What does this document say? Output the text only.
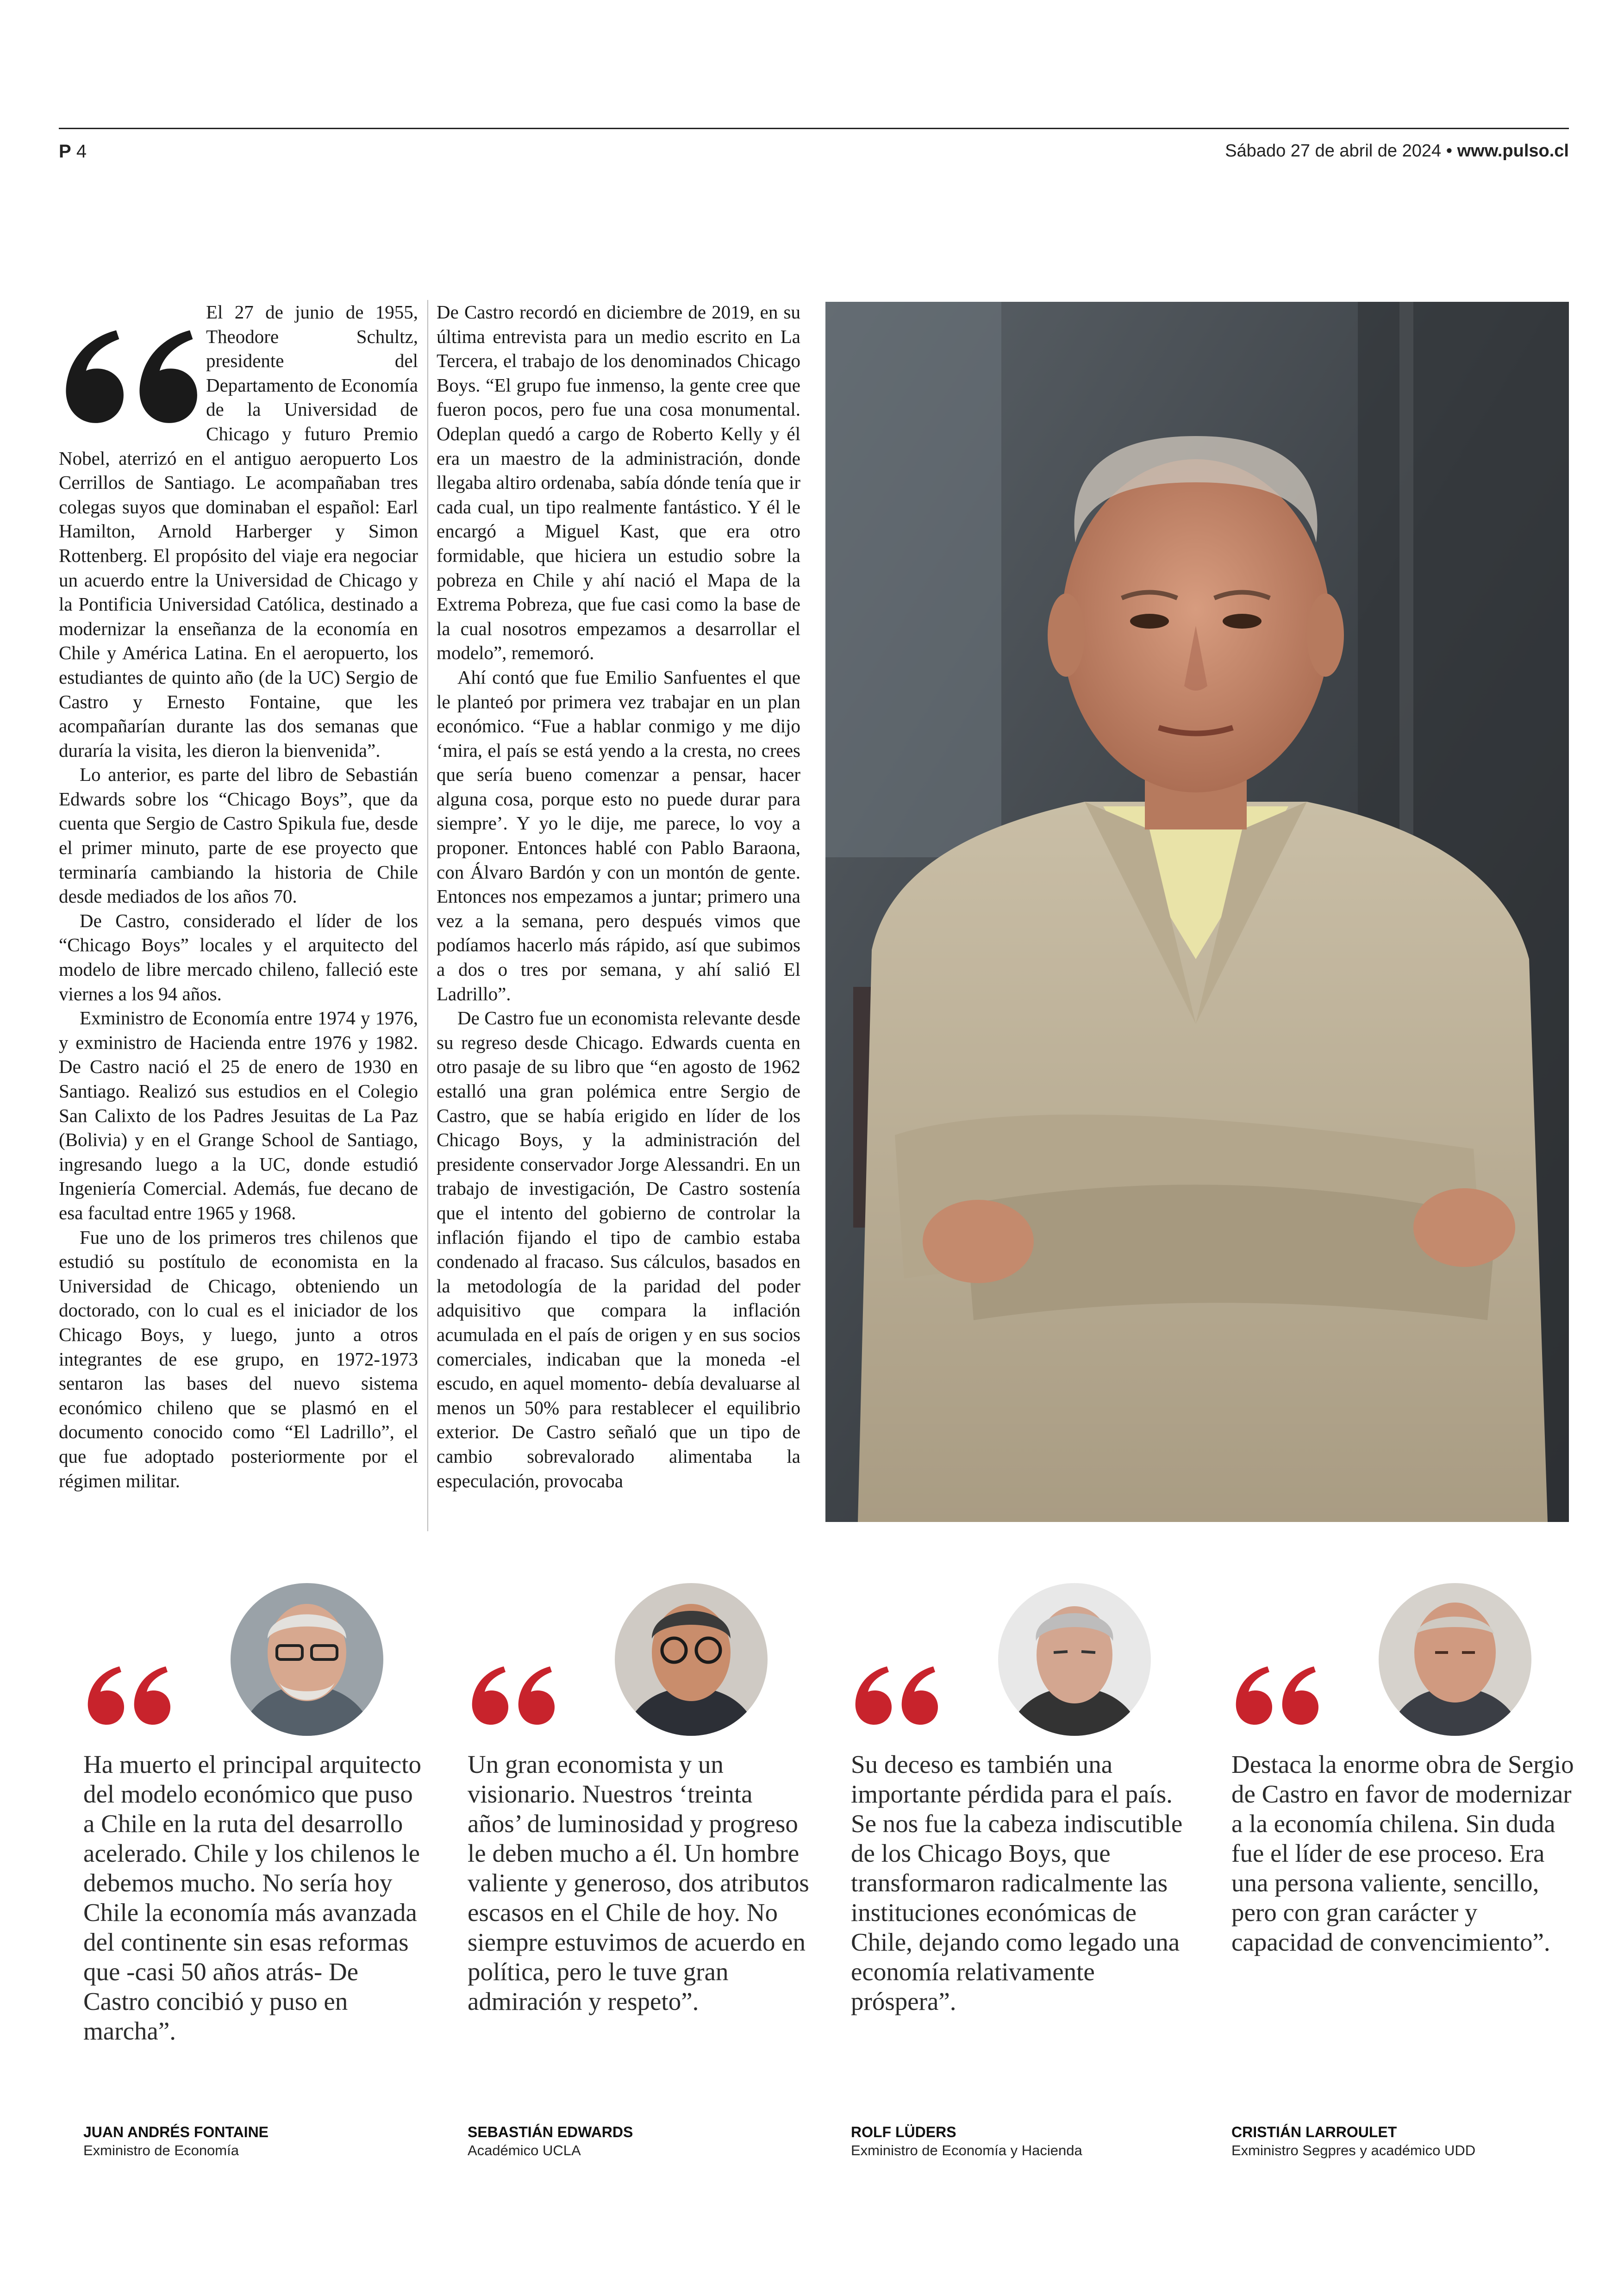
P 4	Sábado 27 de abril de 2024 • www.pulso.cl

El 27 de junio de 1955, Theodore Schultz, presidente del Departamento de Economía de la Universidad de Chicago y futuro Premio Nobel, aterrizó en el antiguo aeropuerto Los Cerrillos de Santiago. Le acompañaban tres colegas suyos que dominaban el español: Earl Hamilton, Arnold Harberger y Simon Rottenberg. El propósito del viaje era negociar un acuerdo entre la Universidad de Chicago y la Pontificia Universidad Católica, destinado a modernizar la enseñanza de la economía en Chile y América Latina. En el aeropuerto, los estudiantes de quinto año (de la UC) Sergio de Castro y Ernesto Fontaine, que les acompañarían durante las dos semanas que duraría la visita, les dieron la bienvenida”.

Lo anterior, es parte del libro de Sebastián Edwards sobre los “Chicago Boys”, que da cuenta que Sergio de Castro Spikula fue, desde el primer minuto, parte de ese proyecto que terminaría cambiando la historia de Chile desde mediados de los años 70.

De Castro, considerado el líder de los “Chicago Boys” locales y el arquitecto del modelo de libre mercado chileno, falleció este viernes a los 94 años.

Exministro de Economía entre 1974 y 1976, y exministro de Hacienda entre 1976 y 1982. De Castro nació el 25 de enero de 1930 en Santiago. Realizó sus estudios en el Colegio San Calixto de los Padres Jesuitas de La Paz (Bolivia) y en el Grange School de Santiago, ingresando luego a la UC, donde estudió Ingeniería Comercial. Además, fue decano de esa facultad entre 1965 y 1968.

Fue uno de los primeros tres chilenos que estudió su postítulo de economista en la Universidad de Chicago, obteniendo un doctorado, con lo cual es el iniciador de los Chicago Boys, y luego, junto a otros integrantes de ese grupo, en 1972-1973 sentaron las bases del nuevo sistema económico chileno que se plasmó en el documento conocido como “El Ladrillo”, el que fue adoptado posteriormente por el régimen militar.

De Castro recordó en diciembre de 2019, en su última entrevista para un medio escrito en La Tercera, el trabajo de los denominados Chicago Boys. “El grupo fue inmenso, la gente cree que fueron pocos, pero fue una cosa monumental. Odeplan quedó a cargo de Roberto Kelly y él era un maestro de la administración, donde llegaba altiro ordenaba, sabía dónde tenía que ir cada cual, un tipo realmente fantástico. Y él le encargó a Miguel Kast, que era otro formidable, que hiciera un estudio sobre la pobreza en Chile y ahí nació el Mapa de la Extrema Pobreza, que fue casi como la base de la cual nosotros empezamos a desarrollar el modelo”, rememoró.

Ahí contó que fue Emilio Sanfuentes el que le planteó por primera vez trabajar en un plan económico. “Fue a hablar conmigo y me dijo ‘mira, el país se está yendo a la cresta, no crees que sería bueno comenzar a pensar, hacer alguna cosa, porque esto no puede durar para siempre’. Y yo le dije, me parece, lo voy a proponer. Entonces hablé con Pablo Baraona, con Álvaro Bardón y con un montón de gente. Entonces nos empezamos a juntar; primero una vez a la semana, pero después vimos que podíamos hacerlo más rápido, así que subimos a dos o tres por semana, y ahí salió El Ladrillo”.

De Castro fue un economista relevante desde su regreso desde Chicago. Edwards cuenta en otro pasaje de su libro que “en agosto de 1962 estalló una gran polémica entre Sergio de Castro, que se había erigido en líder de los Chicago Boys, y la administración del presidente conservador Jorge Alessandri. En un trabajo de investigación, De Castro sostenía que el intento del gobierno de controlar la inflación fijando el tipo de cambio estaba condenado al fracaso. Sus cálculos, basados en la metodología de la paridad del poder adquisitivo que compara la inflación acumulada en el país de origen y en sus socios comerciales, indicaban que la moneda -el escudo, en aquel momento- debía devaluarse al menos un 50% para restablecer el equilibrio exterior. De Castro señaló que un tipo de cambio sobrevalorado alimentaba la especulación, provocaba

Ha muerto el principal arquitecto del modelo económico que puso a Chile en la ruta del desarrollo acelerado. Chile y los chilenos le debemos mucho. No sería hoy Chile la economía más avanzada del continente sin esas reformas que -casi 50 años atrás- De Castro concibió y puso en marcha”.
JUAN ANDRÉS FONTAINE
Exministro de Economía
Un gran economista y un visionario. Nuestros ‘treinta años’ de luminosidad y progreso le deben mucho a él. Un hombre valiente y generoso, dos atributos escasos en el Chile de hoy. No siempre estuvimos de acuerdo en política, pero le tuve gran admiración y respeto”.
SEBASTIÁN EDWARDS
Académico UCLA
Su deceso es también una importante pérdida para el país. Se nos fue la cabeza indiscutible de los Chicago Boys, que transformaron radicalmente las instituciones económicas de Chile, dejando como legado una economía relativamente próspera”.
ROLF LÜDERS
Exministro de Economía y Hacienda
Destaca la enorme obra de Sergio de Castro en favor de modernizar a la economía chilena. Sin duda fue el líder de ese proceso. Era una persona valiente, sencillo, pero con gran carácter y capacidad de convencimiento”.
CRISTIÁN LARROULET
Exministro Segpres y académico UDD
